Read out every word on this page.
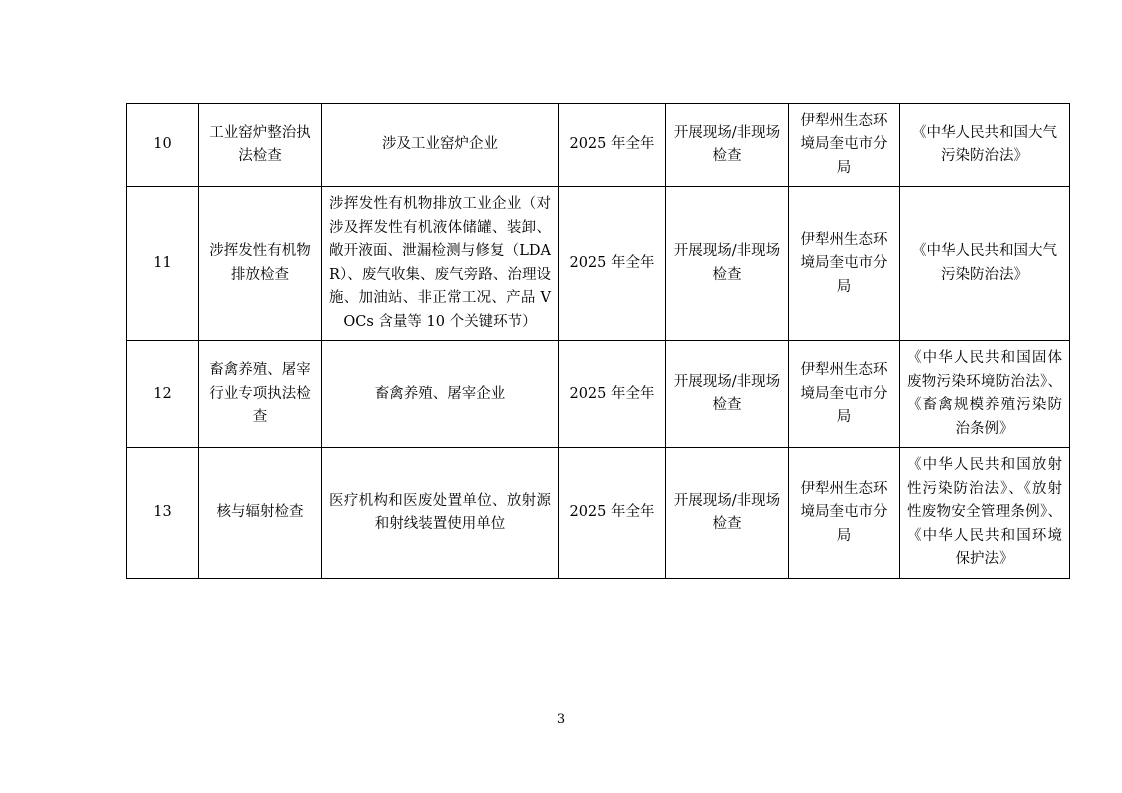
10	工业窑炉整治执法检查	涉及工业窑炉企业	2025 年全年	开展现场/非现场检查	伊犁州生态环境局奎屯市分局	《中华人民共和国大气污染防治法》
11	涉挥发性有机物排放检查	涉挥发性有机物排放工业企业（对涉及挥发性有机液体储罐、装卸、敞开液面、泄漏检测与修复（LDAR）、废气收集、废气旁路、治理设施、加油站、非正常工况、产品 VOCs 含量等 10 个关键环节）	2025 年全年	开展现场/非现场检查	伊犁州生态环境局奎屯市分局	《中华人民共和国大气污染防治法》
12	畜禽养殖、屠宰行业专项执法检查	畜禽养殖、屠宰企业	2025 年全年	开展现场/非现场检查	伊犁州生态环境局奎屯市分局	《中华人民共和国固体废物污染环境防治法》、《畜禽规模养殖污染防治条例》
13	核与辐射检查	医疗机构和医废处置单位、放射源和射线装置使用单位	2025 年全年	开展现场/非现场检查	伊犁州生态环境局奎屯市分局	《中华人民共和国放射性污染防治法》、《放射性废物安全管理条例》、《中华人民共和国环境保护法》
3
